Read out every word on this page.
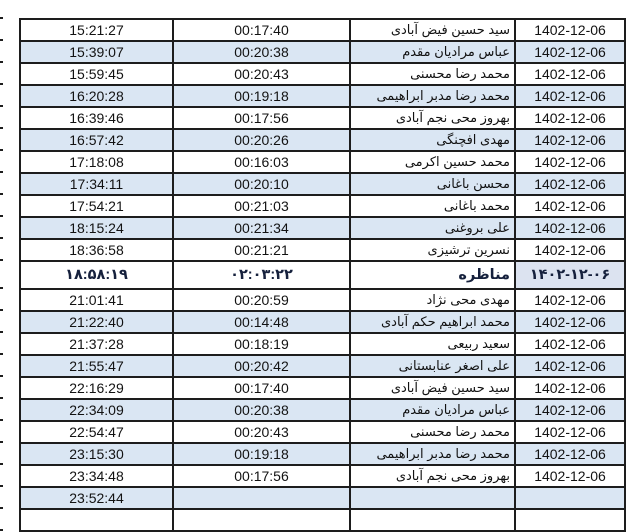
15:21:27	00:17:40	سید حسین فیض آبادی	1402-12-06
15:39:07	00:20:38	عباس مرادیان مقدم	1402-12-06
15:59:45	00:20:43	محمد رضا محسنی	1402-12-06
16:20:28	00:19:18	محمد رضا مدبر ابراهیمی	1402-12-06
16:39:46	00:17:56	بهروز محی نجم آبادی	1402-12-06
16:57:42	00:20:26	مهدی افچنگی	1402-12-06
17:18:08	00:16:03	محمد حسین اکرمی	1402-12-06
17:34:11	00:20:10	محسن باغانی	1402-12-06
17:54:21	00:21:03	محمد باغانی	1402-12-06
18:15:24	00:21:34	علی بروغنی	1402-12-06
18:36:58	00:21:21	نسرین ترشیزی	1402-12-06
۱۸:۵۸:۱۹	۰۲:۰۳:۲۲	مناظره	۱۴۰۲-۱۲-۰۶
21:01:41	00:20:59	مهدی محی نژاد	1402-12-06
21:22:40	00:14:48	محمد ابراهیم حکم آبادی	1402-12-06
21:37:28	00:18:19	سعید ربیعی	1402-12-06
21:55:47	00:20:42	علی اصغر عنابستانی	1402-12-06
22:16:29	00:17:40	سید حسین فیض آبادی	1402-12-06
22:34:09	00:20:38	عباس مرادیان مقدم	1402-12-06
22:54:47	00:20:43	محمد رضا محسنی	1402-12-06
23:15:30	00:19:18	محمد رضا مدبر ابراهیمی	1402-12-06
23:34:48	00:17:56	بهروز محی نجم آبادی	1402-12-06
23:52:44			
